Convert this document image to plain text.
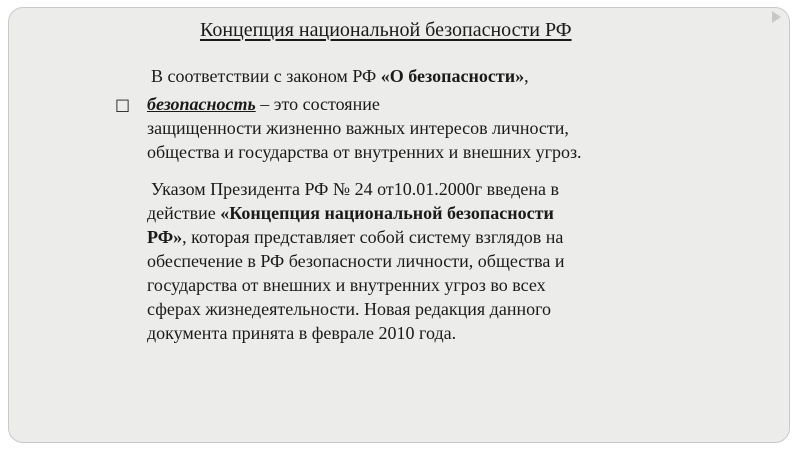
Концепция национальной безопасности РФ

В соответствии с законом РФ «О безопасности»,

□ безопасность – это состояние
защищенности жизненно важных интересов личности,
общества и государства от внутренних и внешних угроз.

Указом Президента РФ № 24 от10.01.2000г введена в
действие «Концепция национальной безопасности
РФ», которая представляет собой систему взглядов на
обеспечение в РФ безопасности личности, общества и
государства от внешних и внутренних угроз во всех
сферах жизнедеятельности. Новая редакция данного
документа принята в феврале 2010 года.
